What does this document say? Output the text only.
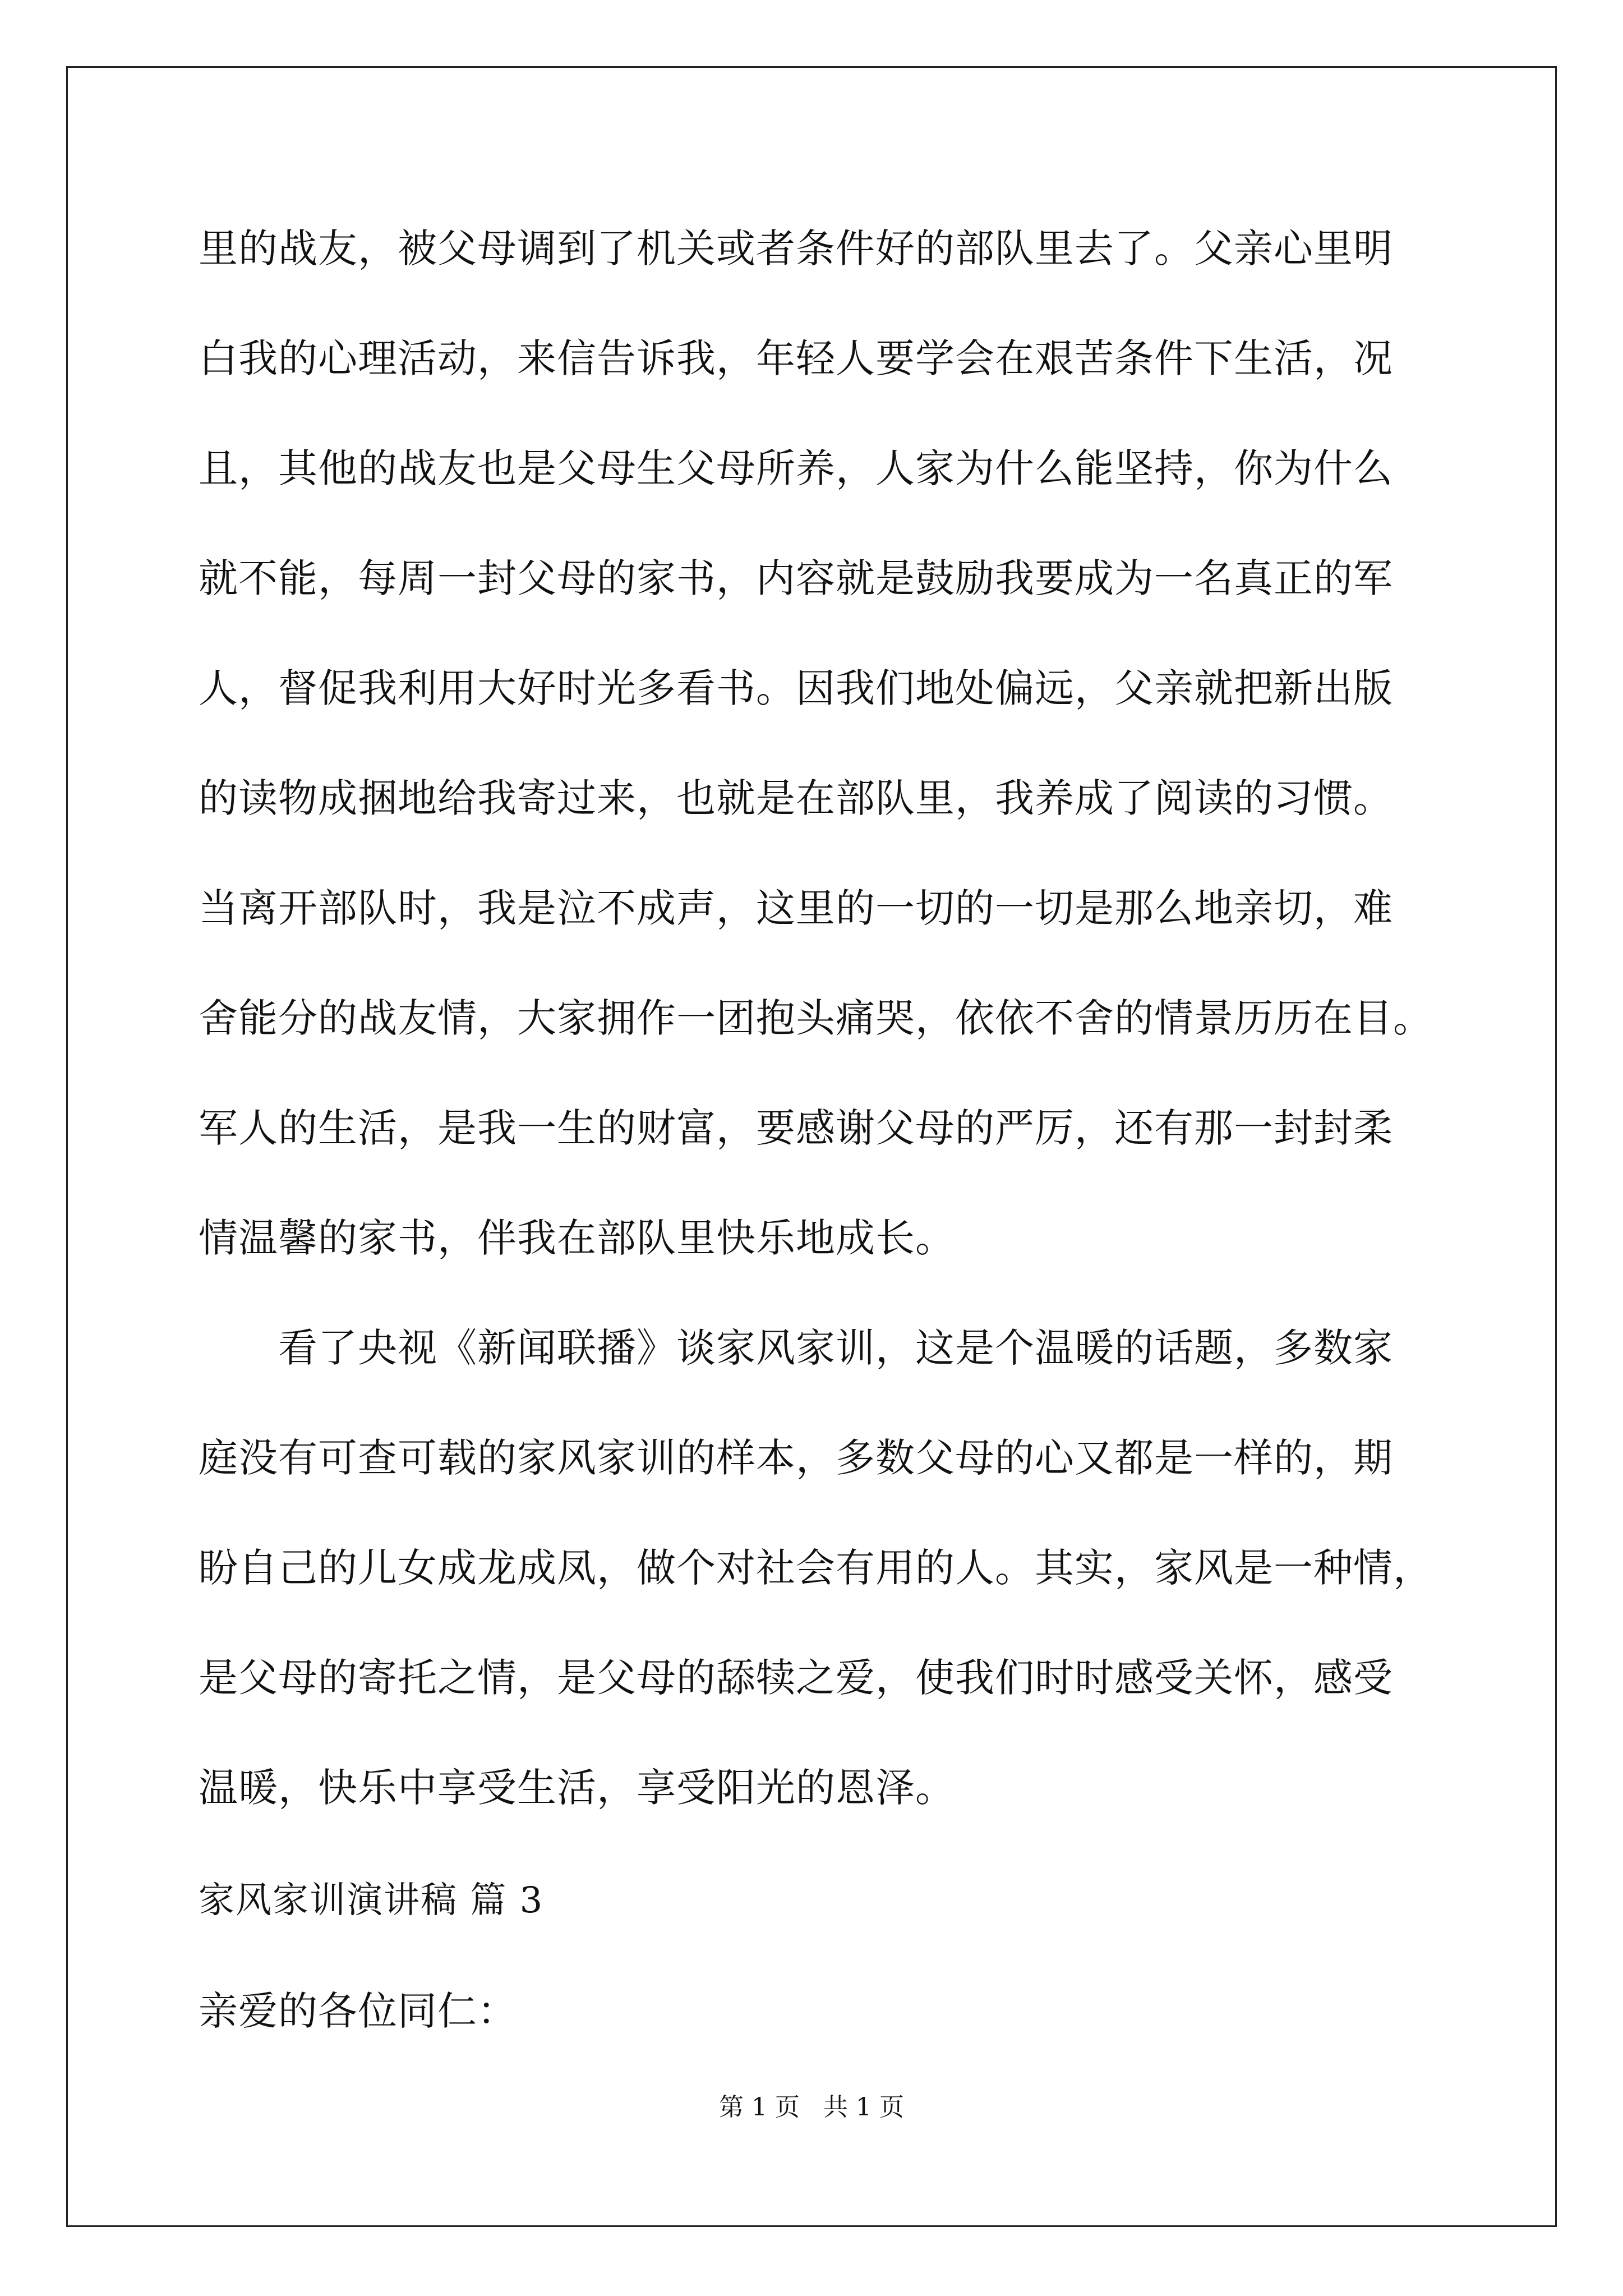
里的战友，被父母调到了机关或者条件好的部队里去了。父亲心里明
白我的心理活动，来信告诉我，年轻人要学会在艰苦条件下生活，况
且，其他的战友也是父母生父母所养，人家为什么能坚持，你为什么
就不能，每周一封父母的家书，内容就是鼓励我要成为一名真正的军
人，督促我利用大好时光多看书。因我们地处偏远，父亲就把新出版
的读物成捆地给我寄过来，也就是在部队里，我养成了阅读的习惯。
当离开部队时，我是泣不成声，这里的一切的一切是那么地亲切，难
舍能分的战友情，大家拥作一团抱头痛哭，依依不舍的情景历历在目。
军人的生活，是我一生的财富，要感谢父母的严厉，还有那一封封柔
情温馨的家书，伴我在部队里快乐地成长。
看了央视《新闻联播》谈家风家训，这是个温暖的话题，多数家
庭没有可查可载的家风家训的样本，多数父母的心又都是一样的，期
盼自己的儿女成龙成凤，做个对社会有用的人。其实，家风是一种情，
是父母的寄托之情，是父母的舔犊之爱，使我们时时感受关怀，感受
温暖，快乐中享受生活，享受阳光的恩泽。
家风家训演讲稿 篇 3
亲爱的各位同仁：
第 1 页   共 1 页
